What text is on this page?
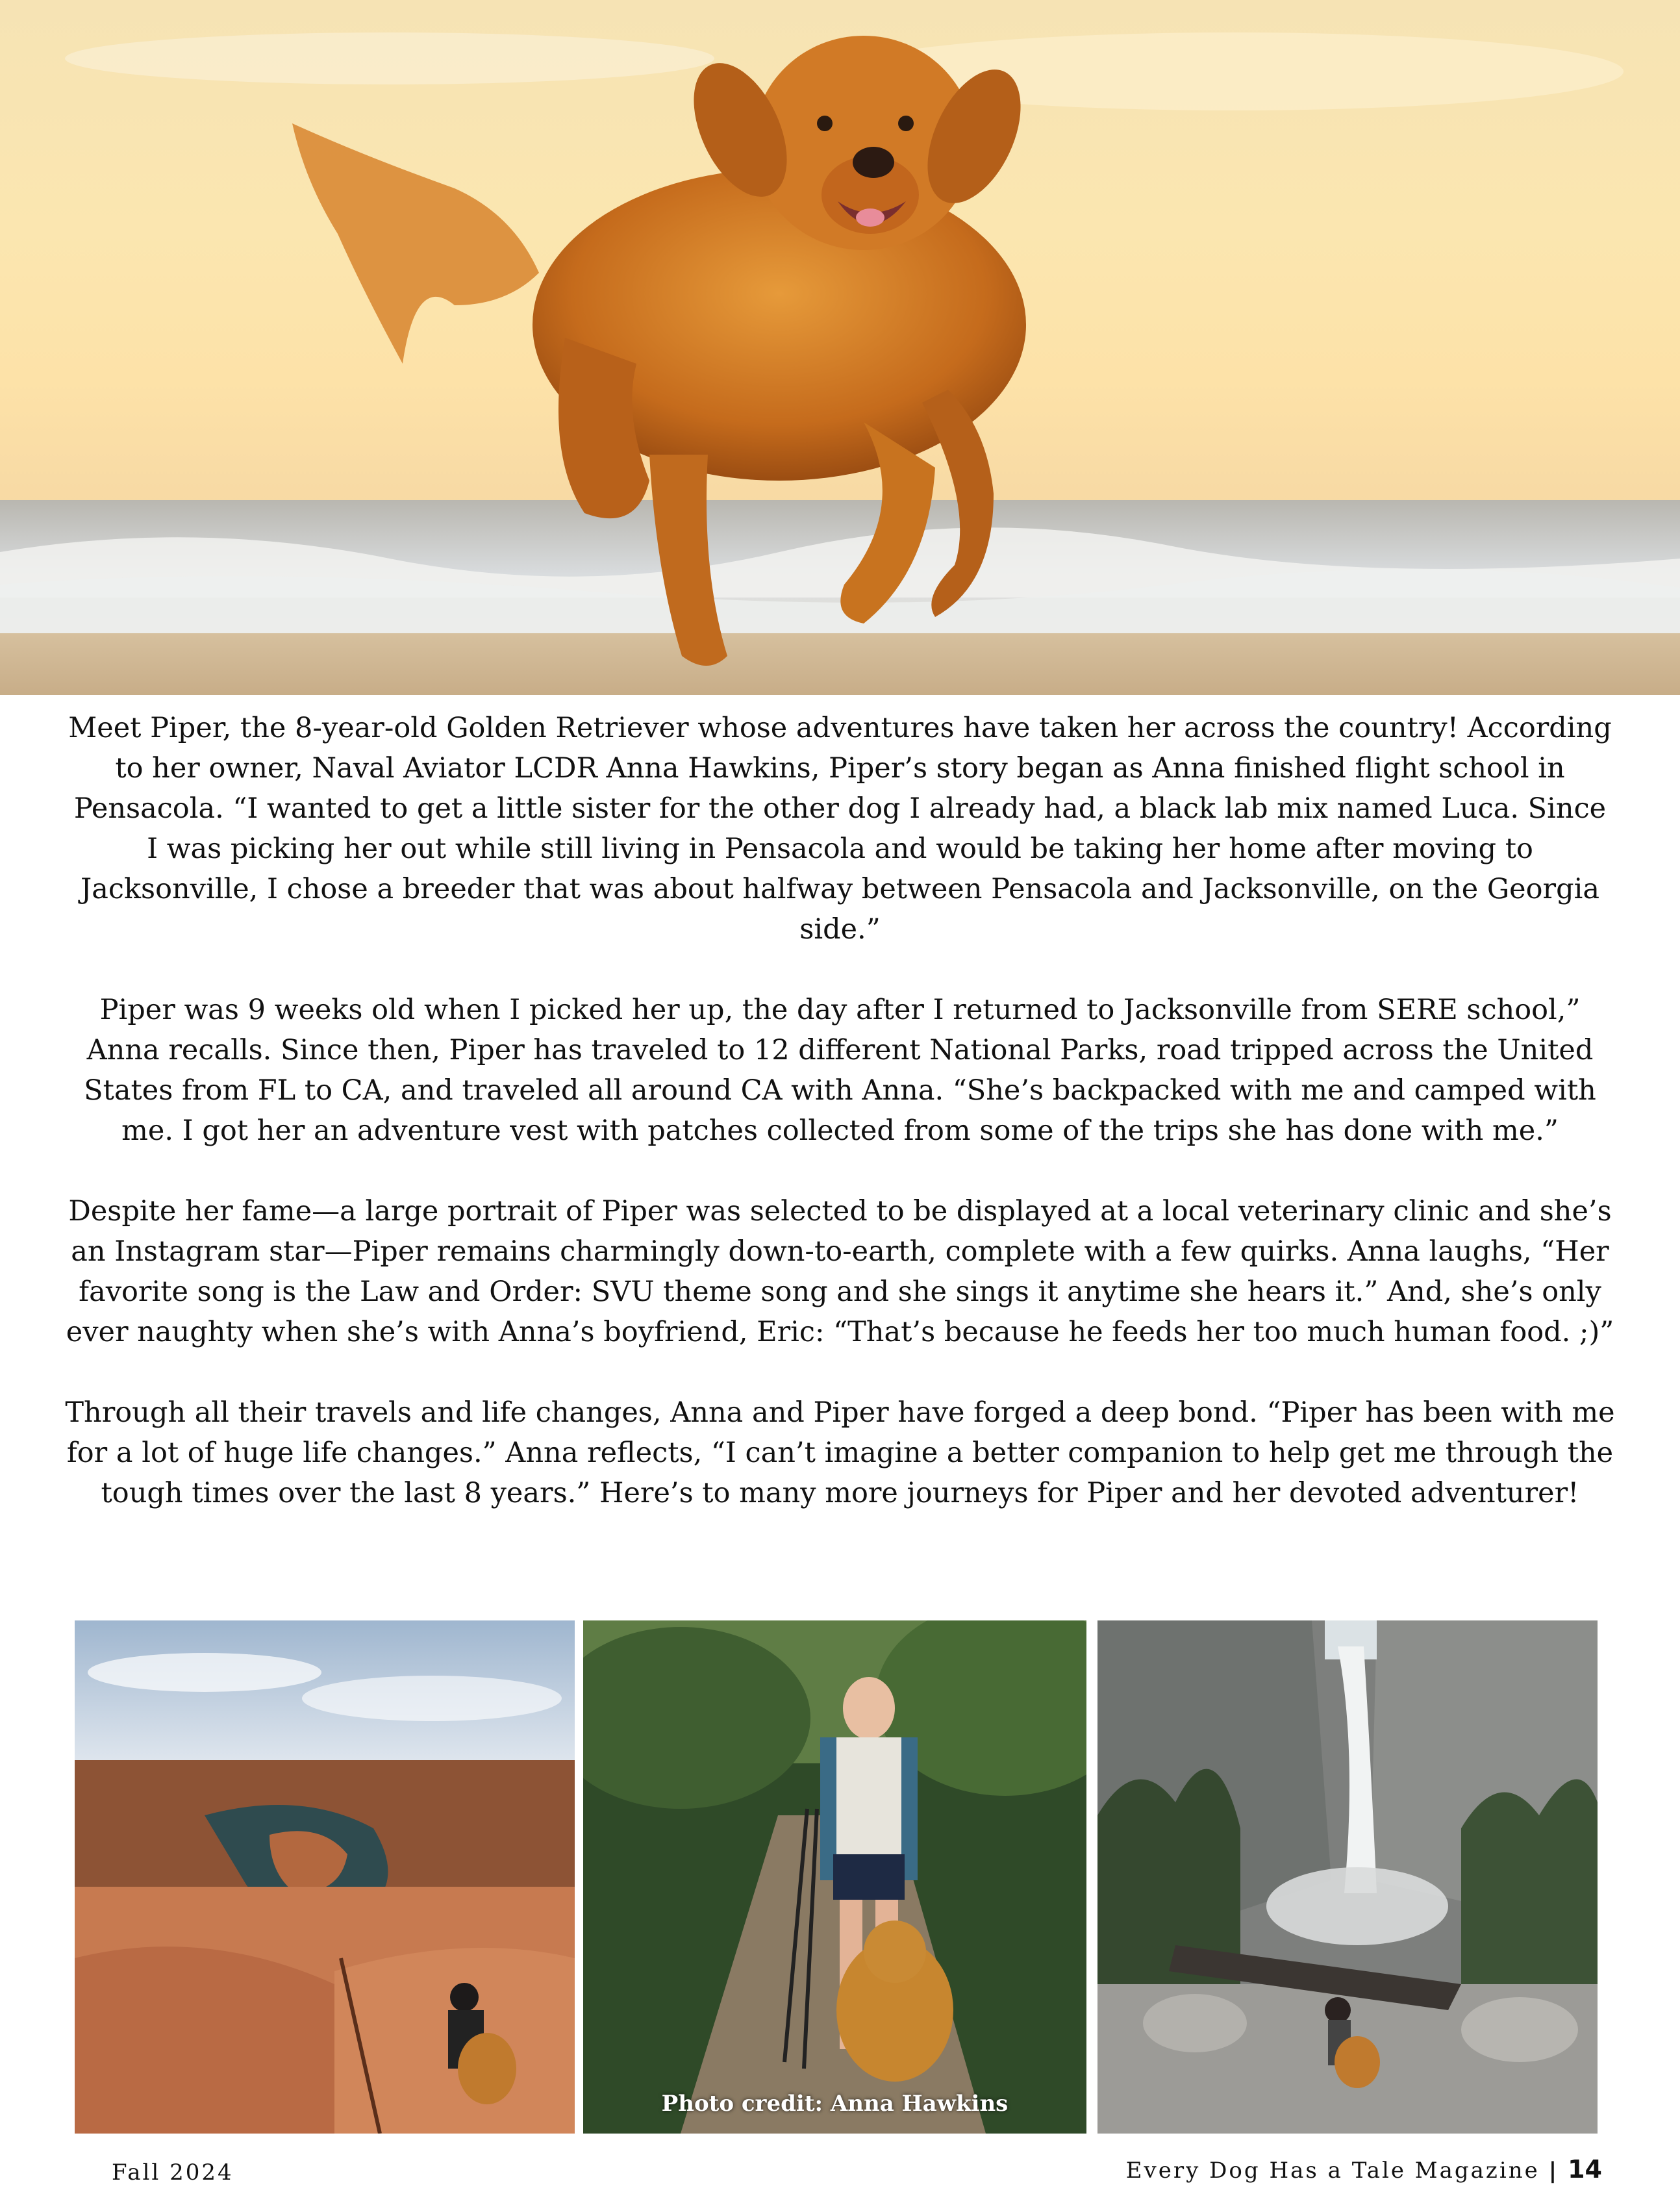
Meet Piper, the 8-year-old Golden Retriever whose adventures have taken her across the country! According to her owner, Naval Aviator LCDR Anna Hawkins, Piper’s story began as Anna finished flight school in Pensacola. “I wanted to get a little sister for the other dog I already had, a black lab mix named Luca. Since I was picking her out while still living in Pensacola and would be taking her home after moving to Jacksonville, I chose a breeder that was about halfway between Pensacola and Jacksonville, on the Georgia side.”

Piper was 9 weeks old when I picked her up, the day after I returned to Jacksonville from SERE school,” Anna recalls. Since then, Piper has traveled to 12 different National Parks, road tripped across the United States from FL to CA, and traveled all around CA with Anna. “She’s backpacked with me and camped with me. I got her an adventure vest with patches collected from some of the trips she has done with me.”

Despite her fame—a large portrait of Piper was selected to be displayed at a local veterinary clinic and she’s an Instagram star—Piper remains charmingly down-to-earth, complete with a few quirks. Anna laughs, “Her favorite song is the Law and Order: SVU theme song and she sings it anytime she hears it.” And, she’s only ever naughty when she’s with Anna’s boyfriend, Eric: “That’s because he feeds her too much human food. ;)”

Through all their travels and life changes, Anna and Piper have forged a deep bond. “Piper has been with me for a lot of huge life changes.” Anna reflects, “I can’t imagine a better companion to help get me through the tough times over the last 8 years.” Here’s to many more journeys for Piper and her devoted adventurer!

Photo credit: Anna Hawkins
Fall 2024	Every Dog Has a Tale Magazine | 14
